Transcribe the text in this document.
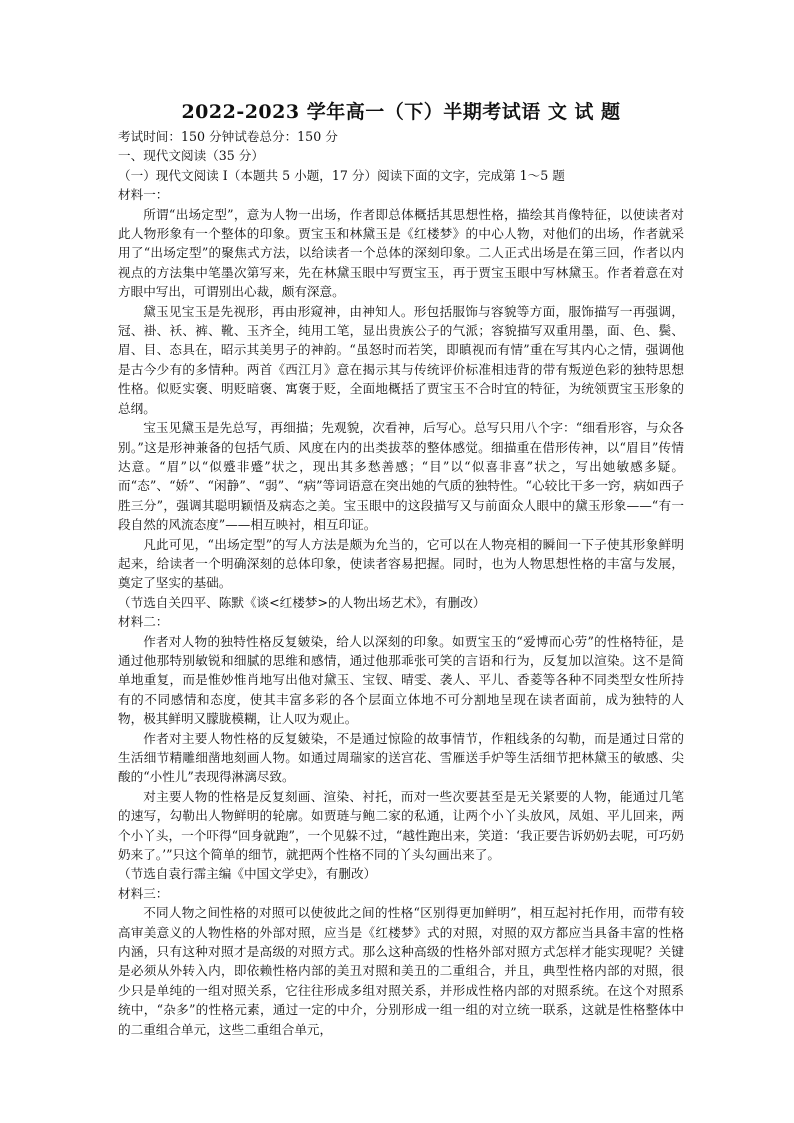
2022-2023 学年高一（下）半期考试语 文 试 题
考试时间：150 分钟试卷总分：150 分
一、现代文阅读（35 分）
（一）现代文阅读 I（本题共 5 小题，17 分）阅读下面的文字，完成第 1～5 题
材料一：
所谓“出场定型”，意为人物一出场，作者即总体概括其思想性格，描绘其肖像特征，以使读者对此人物形象有一个整体的印象。贾宝玉和林黛玉是《红楼梦》的中心人物，对他们的出场，作者就采用了“出场定型”的聚焦式方法，以给读者一个总体的深刻印象。二人正式出场是在第三回，作者以内视点的方法集中笔墨次第写来，先在林黛玉眼中写贾宝玉，再于贾宝玉眼中写林黛玉。作者着意在对方眼中写出，可谓别出心裁，颇有深意。
黛玉见宝玉是先视形，再由形窥神，由神知人。形包括服饰与容貌等方面，服饰描写一再强调，冠、褂、袄、裤、靴、玉齐全，纯用工笔，显出贵族公子的气派；容貌描写双重用墨，面、色、鬓、眉、目、态具在，昭示其美男子的神韵。“虽怒时而若笑，即瞋视而有情”重在写其内心之情，强调他是古今少有的多情种。两首《西江月》意在揭示其与传统评价标准相违背的带有叛逆色彩的独特思想性格。似贬实褒、明贬暗褒、寓褒于贬，全面地概括了贾宝玉不合时宜的特征，为统领贾宝玉形象的总纲。
宝玉见黛玉是先总写，再细描；先观貌，次看神，后写心。总写只用八个字：“细看形容，与众各别。”这是形神兼备的包括气质、风度在内的出类拔萃的整体感觉。细描重在借形传神，以“眉目”传情达意。“眉”以“似蹙非蹙”状之，现出其多愁善感；“目”以“似喜非喜”状之，写出她敏感多疑。而“态”、“娇”、“闲静”、“弱”、“病”等词语意在突出她的气质的独特性。“心较比干多一窍，病如西子胜三分”，强调其聪明颖悟及病态之美。宝玉眼中的这段描写又与前面众人眼中的黛玉形象——“有一段自然的风流态度”——相互映衬，相互印证。
凡此可见，“出场定型”的写人方法是颇为允当的，它可以在人物亮相的瞬间一下子使其形象鲜明起来，给读者一个明确深刻的总体印象，使读者容易把握。同时，也为人物思想性格的丰富与发展，奠定了坚实的基础。
（节选自关四平、陈默《谈<红楼梦>的人物出场艺术》，有删改）
材料二：
作者对人物的独特性格反复皴染，给人以深刻的印象。如贾宝玉的“爱博而心劳”的性格特征，是通过他那特别敏锐和细腻的思维和感情，通过他那乖张可笑的言语和行为，反复加以渲染。这不是简单地重复，而是惟妙惟肖地写出他对黛玉、宝钗、晴雯、袭人、平儿、香菱等各种不同类型女性所持有的不同感情和态度，使其丰富多彩的各个层面立体地不可分割地呈现在读者面前，成为独特的人物，极其鲜明又朦胧模糊，让人叹为观止。
作者对主要人物性格的反复皴染，不是通过惊险的故事情节，作粗线条的勾勒，而是通过日常的生活细节精雕细凿地刻画人物。如通过周瑞家的送宫花、雪雁送手炉等生活细节把林黛玉的敏感、尖酸的“小性儿”表现得淋漓尽致。
对主要人物的性格是反复刻画、渲染、衬托，而对一些次要甚至是无关紧要的人物，能通过几笔的速写，勾勒出人物鲜明的轮廓。如贾琏与鲍二家的私通，让两个小丫头放风，凤姐、平儿回来，两个小丫头，一个吓得“回身就跑”，一个见躲不过，“越性跑出来，笑道：‘我正要告诉奶奶去呢，可巧奶奶来了。’”只这个简单的细节，就把两个性格不同的丫头勾画出来了。
（节选自袁行霈主编《中国文学史》，有删改）
材料三：
不同人物之间性格的对照可以使彼此之间的性格“区别得更加鲜明”，相互起衬托作用，而带有较高审美意义的人物性格的外部对照，应当是《红楼梦》式的对照，对照的双方都应当具备丰富的性格内涵，只有这种对照才是高级的对照方式。那么这种高级的性格外部对照方式怎样才能实现呢？关键是必须从外转入内，即依赖性格内部的美丑对照和美丑的二重组合，并且，典型性格内部的对照，很少只是单纯的一组对照关系，它往往形成多组对照关系，并形成性格内部的对照系统。在这个对照系统中，“杂多”的性格元素，通过一定的中介，分别形成一组一组的对立统一联系，这就是性格整体中的二重组合单元，这些二重组合单元，
